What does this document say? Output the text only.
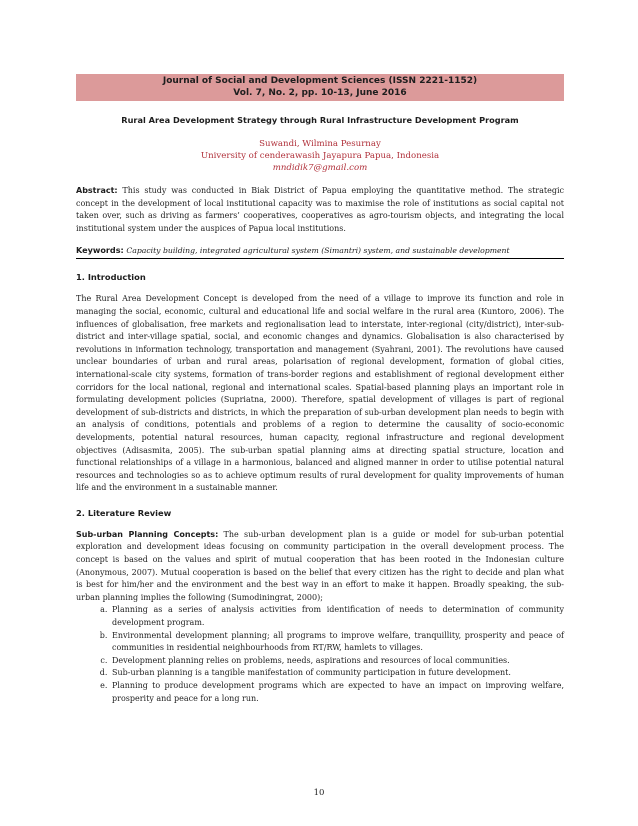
Journal of Social and Development Sciences (ISSN 2221-1152)
Vol. 7, No. 2, pp. 10-13, June 2016
Rural Area Development Strategy through Rural Infrastructure Development Program
Suwandi, Wilmina Pesurnay
University of cenderawasih Jayapura Papua, Indonesia
mndidik7@gmail.com
Abstract: This study was conducted in Biak District of Papua employing the quantitative method. The strategic concept in the development of local institutional capacity was to maximise the role of institutions as social capital not taken over, such as driving as farmers’ cooperatives, cooperatives as agro-tourism objects, and integrating the local institutional system under the auspices of Papua local institutions.
Keywords: Capacity building, integrated agricultural system (Simantri) system, and sustainable development
1. Introduction
The Rural Area Development Concept is developed from the need of a village to improve its function and role in managing the social, economic, cultural and educational life and social welfare in the rural area (Kuntoro, 2006). The influences of globalisation, free markets and regionalisation lead to interstate, inter-regional (city/district), inter-sub-district and inter-village spatial, social, and economic changes and dynamics. Globalisation is also characterised by revolutions in information technology, transportation and management (Syahrani, 2001). The revolutions have caused unclear boundaries of urban and rural areas, polarisation of regional development, formation of global cities, international-scale city systems, formation of trans-border regions and establishment of regional development either corridors for the local national, regional and international scales. Spatial-based planning plays an important role in formulating development policies (Supriatna, 2000). Therefore, spatial development of villages is part of regional development of sub-districts and districts, in which the preparation of sub-urban development plan needs to begin with an analysis of conditions, potentials and problems of a region to determine the causality of socio-economic developments, potential natural resources, human capacity, regional infrastructure and regional development objectives (Adisasmita, 2005). The sub-urban spatial planning aims at directing spatial structure, location and functional relationships of a village in a harmonious, balanced and aligned manner in order to utilise potential natural resources and technologies so as to achieve optimum results of rural development for quality improvements of human life and the environment in a sustainable manner.
2. Literature Review
Sub-urban Planning Concepts: The sub-urban development plan is a guide or model for sub-urban potential exploration and development ideas focusing on community participation in the overall development process. The concept is based on the values and spirit of mutual cooperation that has been rooted in the Indonesian culture (Anonymous, 2007). Mutual cooperation is based on the belief that every citizen has the right to decide and plan what is best for him/her and the environment and the best way in an effort to make it happen. Broadly speaking, the sub-urban planning implies the following (Sumodiningrat, 2000);
a. Planning as a series of analysis activities from identification of needs to determination of community development program.
b. Environmental development planning; all programs to improve welfare, tranquillity, prosperity and peace of communities in residential neighbourhoods from RT/RW, hamlets to villages.
c. Development planning relies on problems, needs, aspirations and resources of local communities.
d. Sub-urban planning is a tangible manifestation of community participation in future development.
e. Planning to produce development programs which are expected to have an impact on improving welfare, prosperity and peace for a long run.
10
